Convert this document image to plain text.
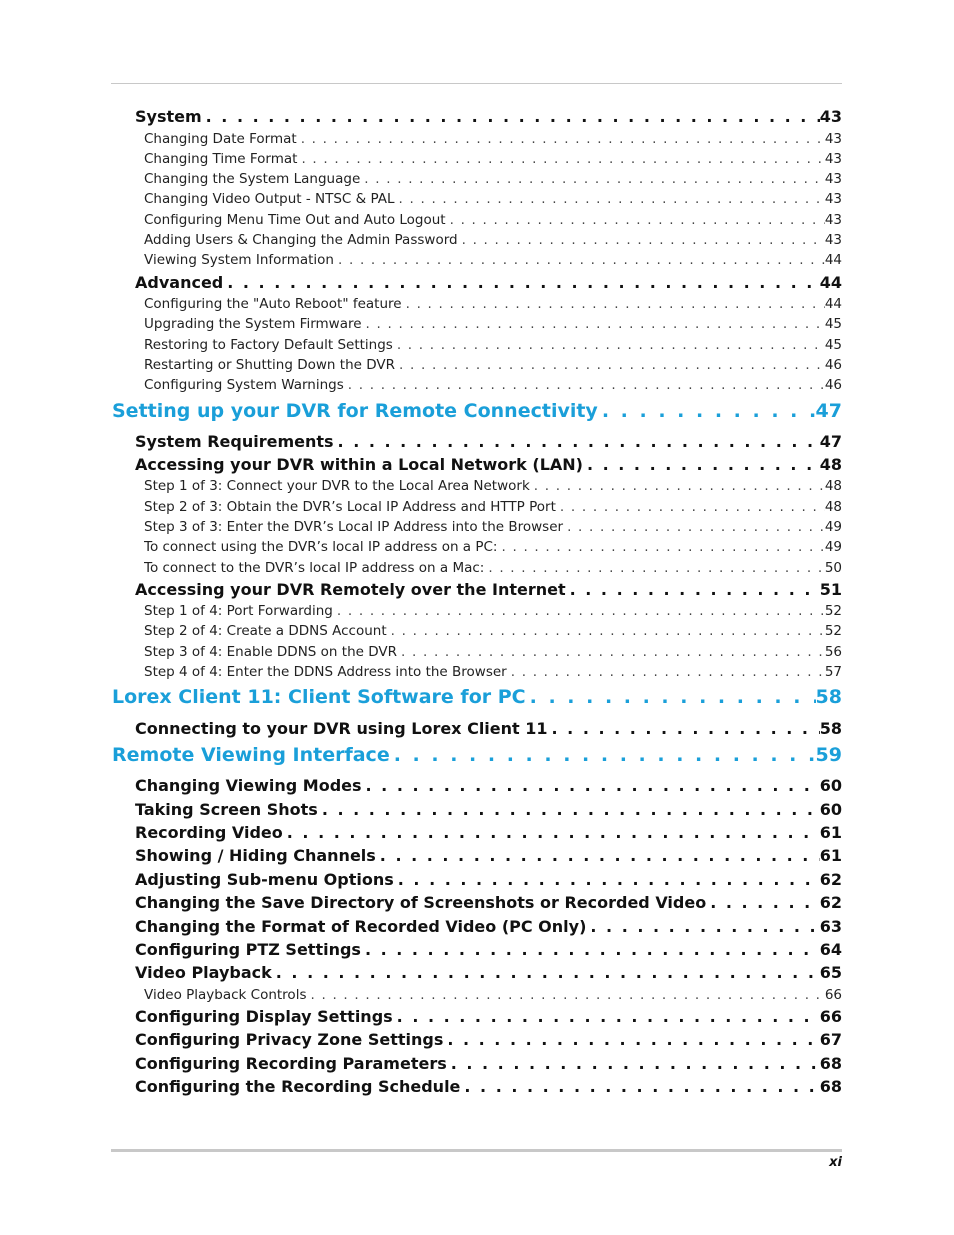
System . . .	43
Changing Date Format . . .	43
Changing Time Format . . .	43
Changing the System Language . . .	43
Changing Video Output - NTSC & PAL . . .	43
Configuring Menu Time Out and Auto Logout . . .	43
Adding Users & Changing the Admin Password . . .	43
Viewing System Information . . .	44
Advanced . . .	44
Configuring the "Auto Reboot" feature . . .	44
Upgrading the System Firmware . . .	45
Restoring to Factory Default Settings . . .	45
Restarting or Shutting Down the DVR . . .	46
Configuring System Warnings . . .	46
Setting up your DVR for Remote Connectivity . . .	47
System Requirements . . .	47
Accessing your DVR within a Local Network (LAN) . . .	48
Step 1 of 3: Connect your DVR to the Local Area Network . . .	48
Step 2 of 3: Obtain the DVR’s Local IP Address and HTTP Port . . .	48
Step 3 of 3: Enter the DVR’s Local IP Address into the Browser . . .	49
To connect using the DVR’s local IP address on a PC: . . .	49
To connect to the DVR’s local IP address on a Mac: . . .	50
Accessing your DVR Remotely over the Internet . . .	51
Step 1 of 4: Port Forwarding . . .	52
Step 2 of 4: Create a DDNS Account . . .	52
Step 3 of 4: Enable DDNS on the DVR . . .	56
Step 4 of 4: Enter the DDNS Address into the Browser . . .	57
Lorex Client 11: Client Software for PC . . .	58
Connecting to your DVR using Lorex Client 11 . . .	58
Remote Viewing Interface . . .	59
Changing Viewing Modes . . .	60
Taking Screen Shots . . .	60
Recording Video . . .	61
Showing / Hiding Channels . . .	61
Adjusting Sub-menu Options . . .	62
Changing the Save Directory of Screenshots or Recorded Video . . .	62
Changing the Format of Recorded Video (PC Only) . . .	63
Configuring PTZ Settings . . .	64
Video Playback . . .	65
Video Playback Controls . . .	66
Configuring Display Settings . . .	66
Configuring Privacy Zone Settings . . .	67
Configuring Recording Parameters . . .	68
Configuring the Recording Schedule . . .	68
xi
